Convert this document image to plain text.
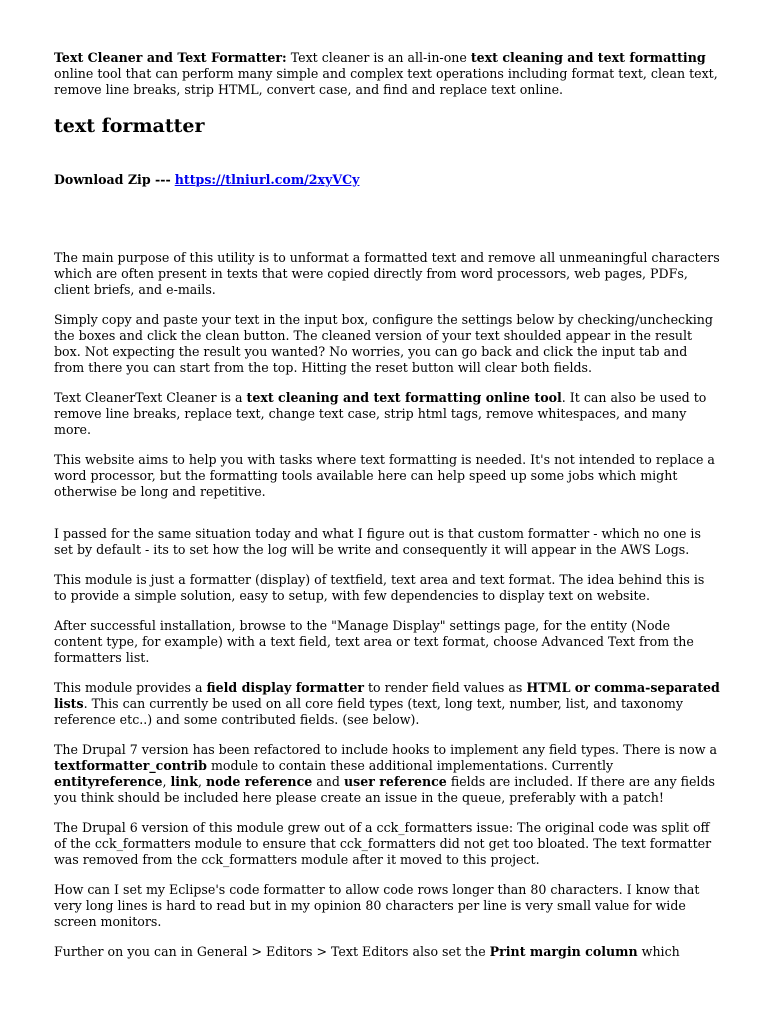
Text Cleaner and Text Formatter: Text cleaner is an all-in-one text cleaning and text formatting online tool that can perform many simple and complex text operations including format text, clean text, remove line breaks, strip HTML, convert case, and find and replace text online.

text formatter

Download Zip --- https://tlniurl.com/2xyVCy

The main purpose of this utility is to unformat a formatted text and remove all unmeaningful characters which are often present in texts that were copied directly from word processors, web pages, PDFs, client briefs, and e-mails.

Simply copy and paste your text in the input box, configure the settings below by checking/unchecking the boxes and click the clean button. The cleaned version of your text shoulded appear in the result box. Not expecting the result you wanted? No worries, you can go back and click the input tab and from there you can start from the top. Hitting the reset button will clear both fields.

Text CleanerText Cleaner is a text cleaning and text formatting online tool. It can also be used to remove line breaks, replace text, change text case, strip html tags, remove whitespaces, and many more.

This website aims to help you with tasks where text formatting is needed. It's not intended to replace a word processor, but the formatting tools available here can help speed up some jobs which might otherwise be long and repetitive.

I passed for the same situation today and what I figure out is that custom formatter - which no one is set by default - its to set how the log will be write and consequently it will appear in the AWS Logs.

This module is just a formatter (display) of textfield, text area and text format. The idea behind this is to provide a simple solution, easy to setup, with few dependencies to display text on website.

After successful installation, browse to the "Manage Display" settings page, for the entity (Node content type, for example) with a text field, text area or text format, choose Advanced Text from the formatters list.

This module provides a field display formatter to render field values as HTML or comma-separated lists. This can currently be used on all core field types (text, long text, number, list, and taxonomy reference etc..) and some contributed fields. (see below).

The Drupal 7 version has been refactored to include hooks to implement any field types. There is now a textformatter_contrib module to contain these additional implementations. Currently entityreference, link, node reference and user reference fields are included. If there are any fields you think should be included here please create an issue in the queue, preferably with a patch!

The Drupal 6 version of this module grew out of a cck_formatters issue: The original code was split off of the cck_formatters module to ensure that cck_formatters did not get too bloated. The text formatter was removed from the cck_formatters module after it moved to this project.

How can I set my Eclipse's code formatter to allow code rows longer than 80 characters. I know that very long lines is hard to read but in my opinion 80 characters per line is very small value for wide screen monitors.

Further on you can in General > Editors > Text Editors also set the Print margin column which
